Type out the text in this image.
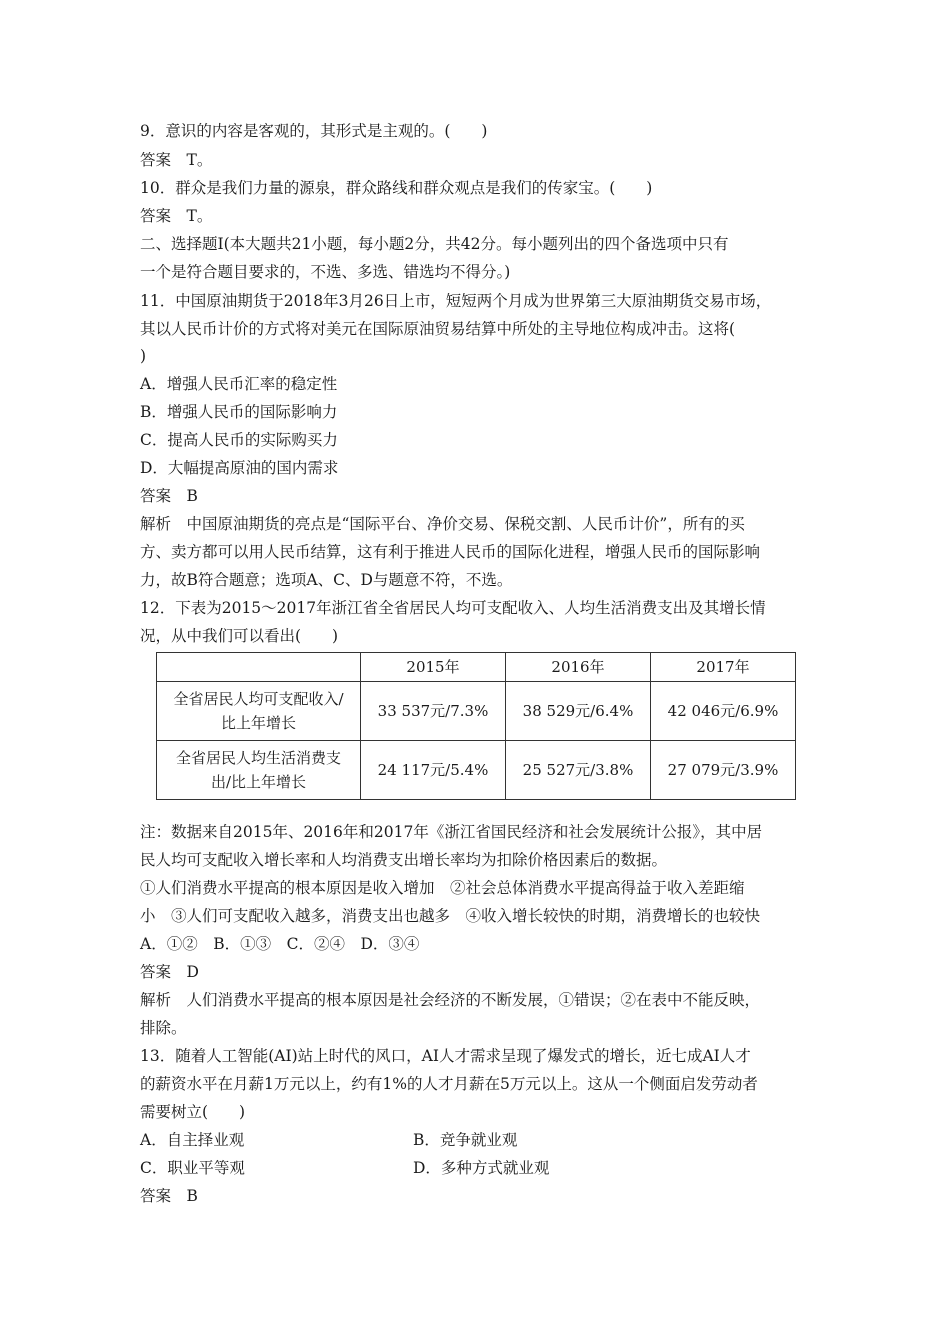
9．意识的内容是客观的，其形式是主观的。(　　)
答案　T。
10．群众是我们力量的源泉，群众路线和群众观点是我们的传家宝。(　　)
答案　T。
二、选择题Ⅰ(本大题共21小题，每小题2分，共42分。每小题列出的四个备选项中只有
一个是符合题目要求的，不选、多选、错选均不得分。)
11．中国原油期货于2018年3月26日上市，短短两个月成为世界第三大原油期货交易市场，
其以人民币计价的方式将对美元在国际原油贸易结算中所处的主导地位构成冲击。这将(
)
A．增强人民币汇率的稳定性
B．增强人民币的国际影响力
C．提高人民币的实际购买力
D．大幅提高原油的国内需求
答案　B
解析　中国原油期货的亮点是“国际平台、净价交易、保税交割、人民币计价”，所有的买
方、卖方都可以用人民币结算，这有利于推进人民币的国际化进程，增强人民币的国际影响
力，故B符合题意；选项A、C、D与题意不符，不选。
12．下表为2015～2017年浙江省全省居民人均可支配收入、人均生活消费支出及其增长情
况，从中我们可以看出(　　)
	2015年	2016年	2017年

全省居民人均可支配收入/
比上年增长	33 537元/7.3%	38 529元/6.4%	42 046元/6.9%

全省居民人均生活消费支
出/比上年增长	24 117元/5.4%	25 527元/3.8%	27 079元/3.9%
注：数据来自2015年、2016年和2017年《浙江省国民经济和社会发展统计公报》，其中居
民人均可支配收入增长率和人均消费支出增长率均为扣除价格因素后的数据。
①人们消费水平提高的根本原因是收入增加　②社会总体消费水平提高得益于收入差距缩
小　③人们可支配收入越多，消费支出也越多　④收入增长较快的时期，消费增长的也较快
A．①②　B．①③　C．②④　D．③④
答案　D
解析　人们消费水平提高的根本原因是社会经济的不断发展，①错误；②在表中不能反映，
排除。
13．随着人工智能(AI)站上时代的风口，AI人才需求呈现了爆发式的增长，近七成AI人才
的薪资水平在月薪1万元以上，约有1%的人才月薪在5万元以上。这从一个侧面启发劳动者
需要树立(　　)
A．自主择业观	B．竞争就业观
C．职业平等观	D．多种方式就业观
答案　B
